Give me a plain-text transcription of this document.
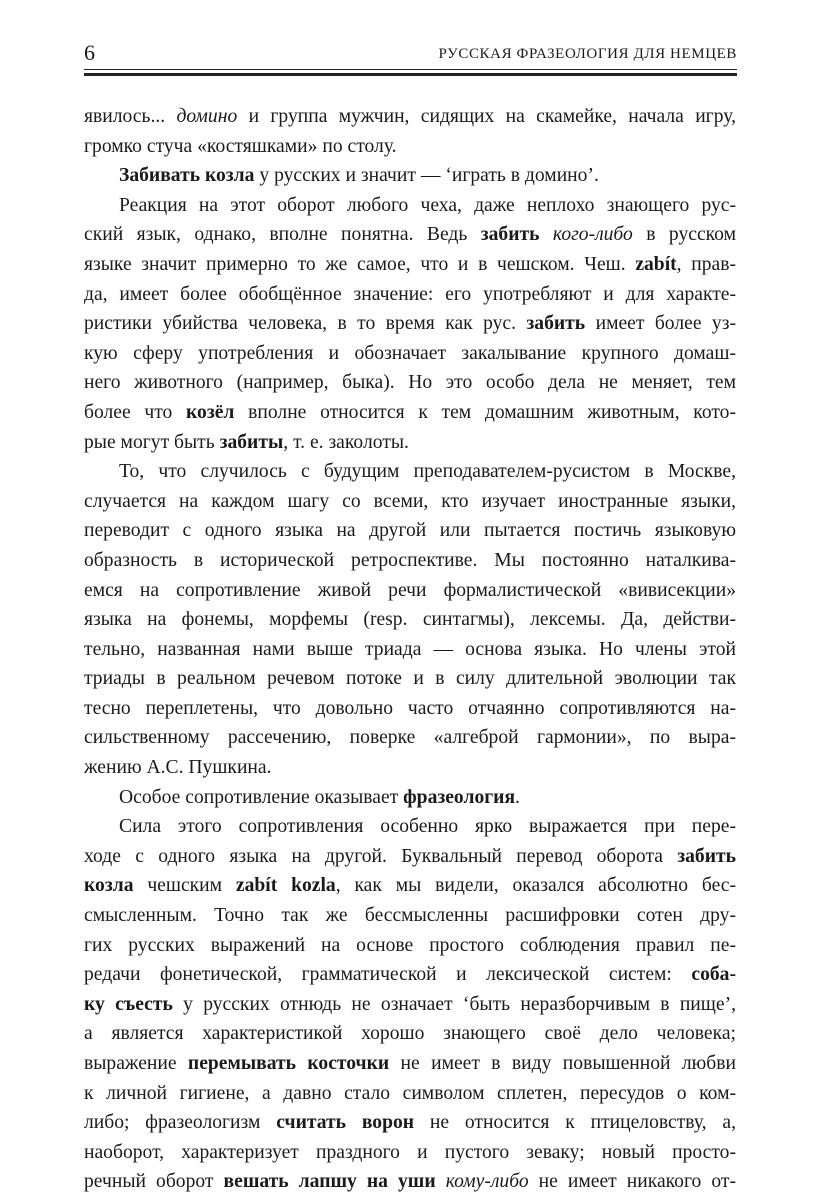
6	РУССКАЯ ФРАЗЕОЛОГИЯ ДЛЯ НЕМЦЕВ
явилось... домино и группа мужчин, сидящих на скамейке, начала игру,
громко стуча «костяшками» по столу.
Забивать козла у русских и значит — ‘играть в домино’.
Реакция на этот оборот любого чеха, даже неплохо знающего рус-
ский язык, однако, вполне понятна. Ведь забить кого-либо в русском
языке значит примерно то же самое, что и в чешском. Чеш. zabít, прав-
да, имеет более обобщённое значение: его употребляют и для характе-
ристики убийства человека, в то время как рус. забить имеет более уз-
кую сферу употребления и обозначает закалывание крупного домаш-
него животного (например, быка). Но это особо дела не меняет, тем
более что козёл вполне относится к тем домашним животным, кото-
рые могут быть забиты, т. е. заколоты.
То, что случилось с будущим преподавателем-русистом в Москве,
случается на каждом шагу со всеми, кто изучает иностранные языки,
переводит с одного языка на другой или пытается постичь языковую
образность в исторической ретроспективе. Мы постоянно наталкива-
емся на сопротивление живой речи формалистической «вивисекции»
языка на фонемы, морфемы (resp. синтагмы), лексемы. Да, действи-
тельно, названная нами выше триада — основа языка. Но члены этой
триады в реальном речевом потоке и в силу длительной эволюции так
тесно переплетены, что довольно часто отчаянно сопротивляются на-
сильственному рассечению, поверке «алгеброй гармонии», по выра-
жению А.С. Пушкина.
Особое сопротивление оказывает фразеология.
Сила этого сопротивления особенно ярко выражается при пере-
ходе с одного языка на другой. Буквальный перевод оборота забить
козла чешским zabít kozla, как мы видели, оказался абсолютно бес-
смысленным. Точно так же бессмысленны расшифровки сотен дру-
гих русских выражений на основе простого соблюдения правил пе-
редачи фонетической, грамматической и лексической систем: соба-
ку съесть у русских отнюдь не означает ‘быть неразборчивым в пище’,
а является характеристикой хорошо знающего своё дело человека;
выражение перемывать косточки не имеет в виду повышенной любви
к личной гигиене, а давно стало символом сплетен, пересудов о ком-
либо; фразеологизм считать ворон не относится к птицеловству, а,
наоборот, характеризует праздного и пустого зеваку; новый просто-
речный оборот вешать лапшу на уши кому-либо не имеет никакого от-
